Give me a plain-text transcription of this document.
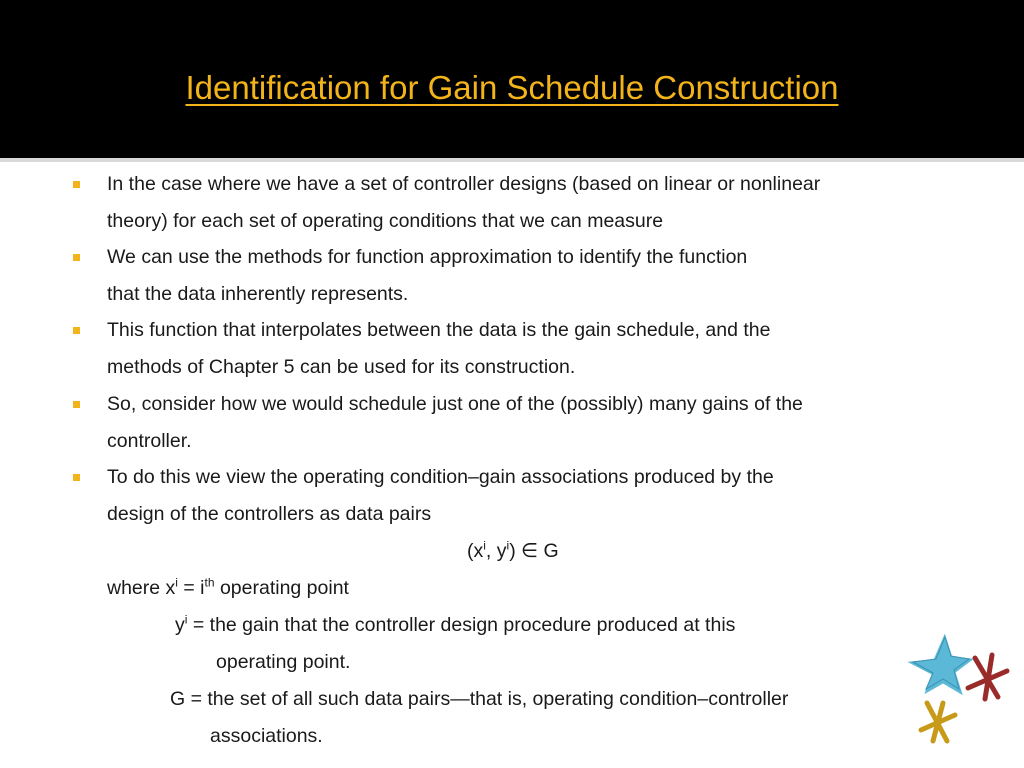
Identification for Gain Schedule Construction
In the case where we have a set of controller designs (based on linear or nonlinear
theory) for each set of operating conditions that we can measure
We can use the methods for function approximation to identify the function
that the data inherently represents.
This function that interpolates between the data is the gain schedule, and the
methods of Chapter 5 can be used for its construction.
So, consider how we would schedule just one of the (possibly) many gains of the
controller.
To do this we view the operating condition–gain associations produced by the
design of the controllers as data pairs
($x^i$, $y^i$) ∈ G
where $x^i = i^{th}$ operating point
$y^i$ = the gain that the controller design procedure produced at this
operating point.
G = the set of all such data pairs—that is, operating condition–controller
associations.
